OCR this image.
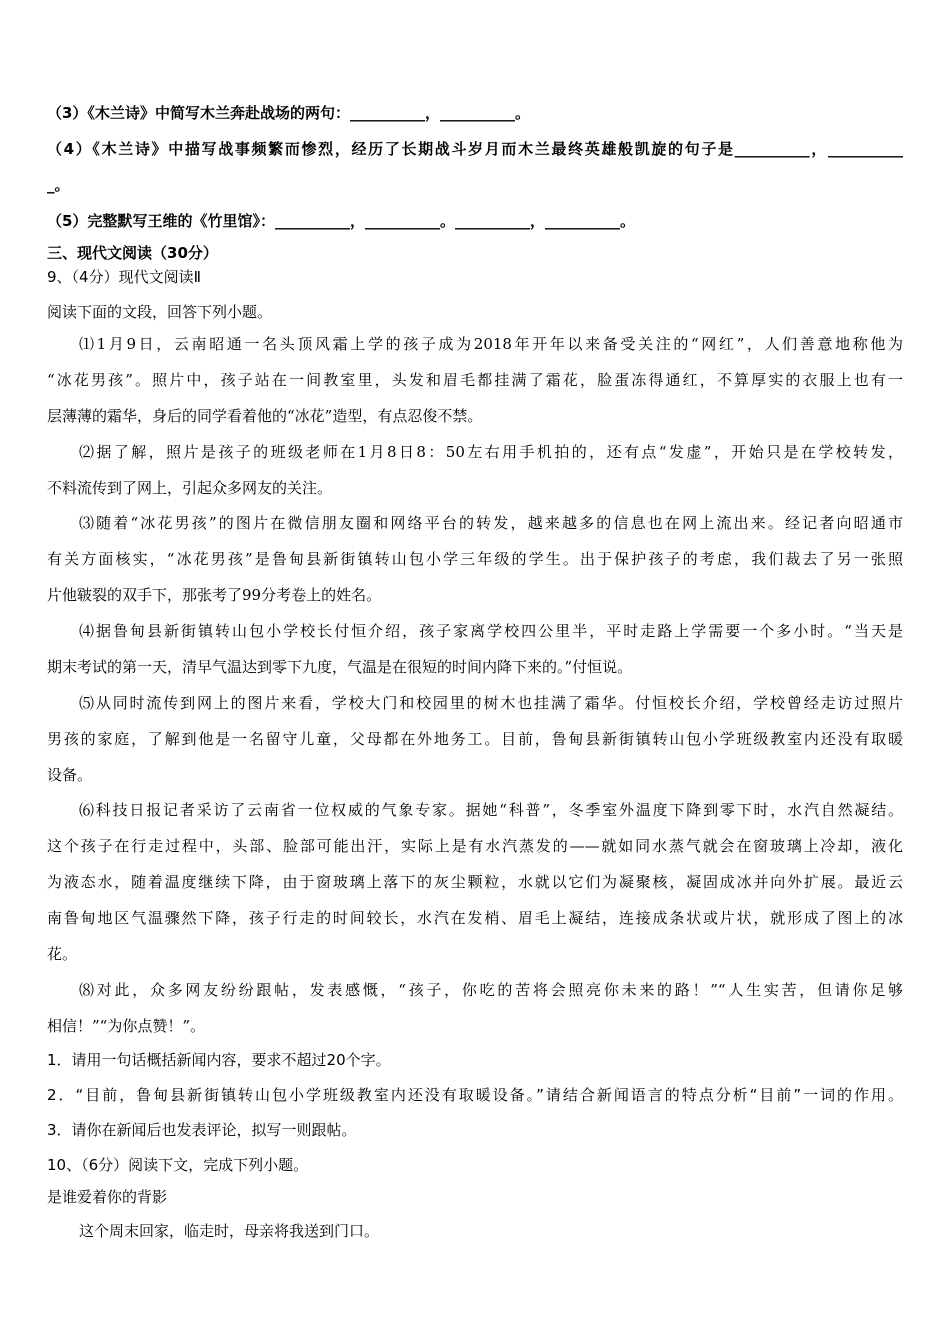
（3）《木兰诗》中简写木兰奔赴战场的两句：__________，__________。
（4）《木兰诗》中描写战事频繁而惨烈，经历了长期战斗岁月而木兰最终英雄般凯旋的句子是__________，__________
_。
（5）完整默写王维的《竹里馆》：__________，__________。__________，__________。
三、现代文阅读（30分）
9、（4分）现代文阅读Ⅱ
阅读下面的文段，回答下列小题。
⑴1月9日，云南昭通一名头顶风霜上学的孩子成为2018年开年以来备受关注的“网红”，人们善意地称他为
“冰花男孩”。照片中，孩子站在一间教室里，头发和眉毛都挂满了霜花，脸蛋冻得通红，不算厚实的衣服上也有一
层薄薄的霜华，身后的同学看着他的“冰花”造型，有点忍俊不禁。
⑵据了解，照片是孩子的班级老师在1月8日8：50左右用手机拍的，还有点“发虚”，开始只是在学校转发，
不料流传到了网上，引起众多网友的关注。
⑶随着“冰花男孩”的图片在微信朋友圈和网络平台的转发，越来越多的信息也在网上流出来。经记者向昭通市
有关方面核实，“冰花男孩”是鲁甸县新街镇转山包小学三年级的学生。出于保护孩子的考虑，我们裁去了另一张照
片他皲裂的双手下，那张考了99分考卷上的姓名。
⑷据鲁甸县新街镇转山包小学校长付恒介绍，孩子家离学校四公里半，平时走路上学需要一个多小时。“当天是
期末考试的第一天，清早气温达到零下九度，气温是在很短的时间内降下来的。”付恒说。
⑸从同时流传到网上的图片来看，学校大门和校园里的树木也挂满了霜华。付恒校长介绍，学校曾经走访过照片
男孩的家庭，了解到他是一名留守儿童，父母都在外地务工。目前，鲁甸县新街镇转山包小学班级教室内还没有取暖
设备。
⑹科技日报记者采访了云南省一位权威的气象专家。据她“科普”，冬季室外温度下降到零下时，水汽自然凝结。
这个孩子在行走过程中，头部、脸部可能出汗，实际上是有水汽蒸发的——就如同水蒸气就会在窗玻璃上冷却，液化
为液态水，随着温度继续下降，由于窗玻璃上落下的灰尘颗粒，水就以它们为凝聚核，凝固成冰并向外扩展。最近云
南鲁甸地区气温骤然下降，孩子行走的时间较长，水汽在发梢、眉毛上凝结，连接成条状或片状，就形成了图上的冰
花。
⑻对此，众多网友纷纷跟帖，发表感慨，“孩子，你吃的苦将会照亮你未来的路！”“人生实苦，但请你足够
相信！”“为你点赞！”。
1．请用一句话概括新闻内容，要求不超过20个字。
2．“目前，鲁甸县新街镇转山包小学班级教室内还没有取暖设备。”请结合新闻语言的特点分析“目前”一词的作用。
3．请你在新闻后也发表评论，拟写一则跟帖。
10、（6分）阅读下文，完成下列小题。
是谁爱着你的背影
这个周末回家，临走时，母亲将我送到门口。
